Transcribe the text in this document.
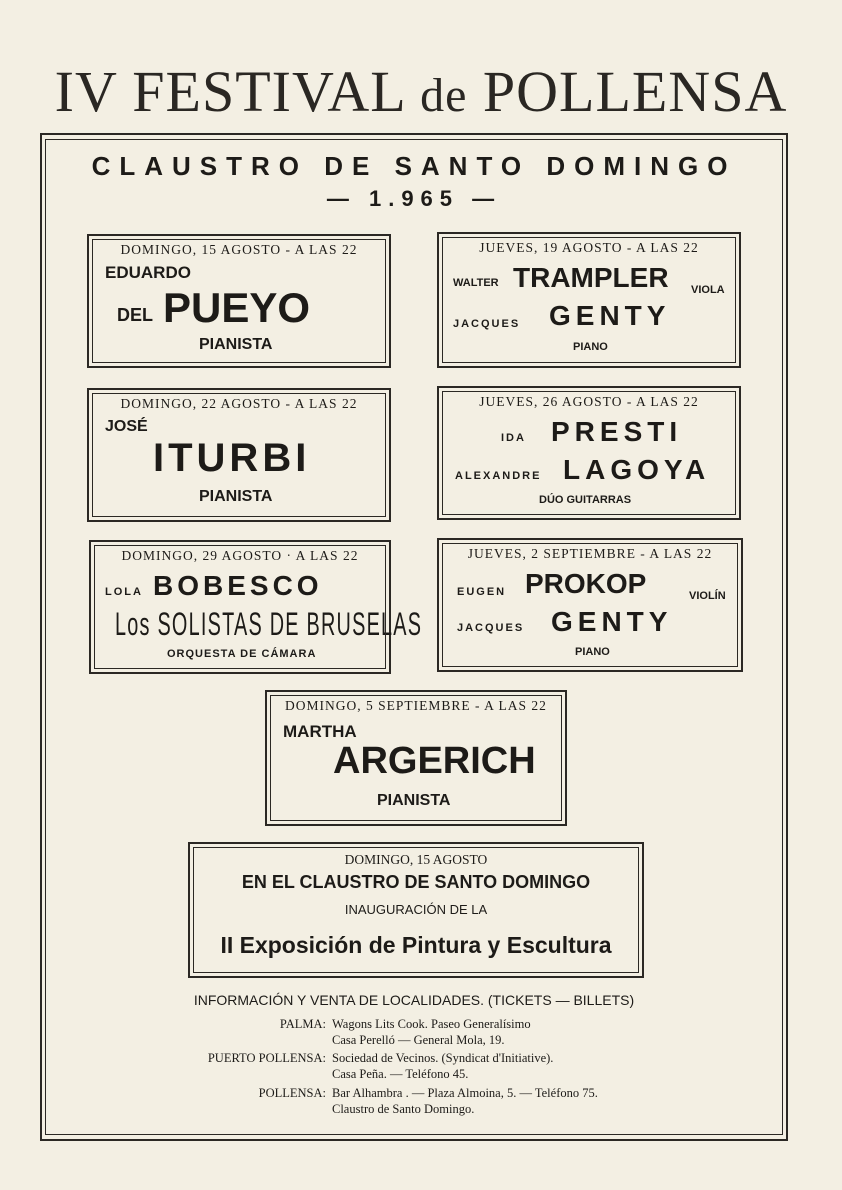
IV FESTIVAL de POLLENSA
CLAUSTRO DE SANTO DOMINGO
— 1.965 —
DOMINGO, 15 AGOSTO - A LAS 22
EDUARDO
DEL PUEYO
PIANISTA
JUEVES, 19 AGOSTO - A LAS 22
WALTER TRAMPLER VIOLA
JACQUES GENTY
PIANO
DOMINGO, 22 AGOSTO - A LAS 22
JOSÉ
ITURBI
PIANISTA
JUEVES, 26 AGOSTO - A LAS 22
IDA PRESTI
ALEXANDRE LAGOYA
DÚO GUITARRAS
DOMINGO, 29 AGOSTO · A LAS 22
LOLA BOBESCO
Los SOLISTAS DE BRUSELAS
ORQUESTA DE CÁMARA
JUEVES, 2 SEPTIEMBRE - A LAS 22
EUGEN PROKOP	VIOLÍN
JACQUES GENTY
PIANO
DOMINGO, 5 SEPTIEMBRE - A LAS 22
MARTHA
ARGERICH
PIANISTA
DOMINGO, 15 AGOSTO
EN EL CLAUSTRO DE SANTO DOMINGO
INAUGURACIÓN DE LA
II Exposición de Pintura y Escultura
INFORMACIÓN Y VENTA DE LOCALIDADES. (TICKETS — BILLETS)
PALMA: Wagons Lits Cook. Paseo Generalísimo
Casa Perelló — General Mola, 19.
PUERTO POLLENSA: Sociedad de Vecinos. (Syndicat d'Initiative).
Casa Peña. — Teléfono 45.
POLLENSA: Bar Alhambra . — Plaza Almoina, 5. — Teléfono 75.
Claustro de Santo Domingo.
